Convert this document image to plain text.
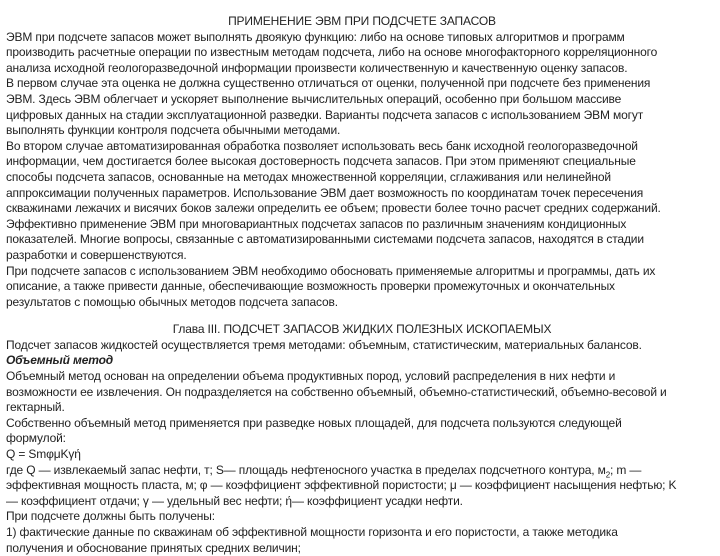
ПРИМЕНЕНИЕ ЭВМ ПРИ ПОДСЧЕТЕ ЗАПАСОВ
ЭВМ при подсчете запасов может выполнять двоякую функцию: либо на основе типовых алгоритмов и программ
производить расчетные операции по известным методам подсчета, либо на основе многофакторного корреляционного
анализа исходной геологоразведочной информации произвести количественную и качественную оценку запасов.
В первом случае эта оценка не должна существенно отличаться от оценки, полученной при подсчете без применения
ЭВМ. Здесь ЭВМ облегчает и ускоряет выполнение вычислительных операций, особенно при большом массиве
цифровых данных на стадии эксплуатационной разведки. Варианты подсчета запасов с использованием ЭВМ могут
выполнять функции контроля подсчета обычными методами.
Во втором случае автоматизированная обработка позволяет использовать весь банк исходной геологоразведочной
информации, чем достигается более высокая достоверность подсчета запасов. При этом применяют специальные
способы подсчета запасов, основанные на методах множественной корреляции, сглаживания или нелинейной
аппроксимации полученных параметров. Использование ЭВМ дает возможность по координатам точек пересечения
скважинами лежачих и висячих боков залежи определить ее объем; провести более точно расчет средних содержаний.
Эффективно применение ЭВМ при многовариантных подсчетах запасов по различным значениям кондиционных
показателей. Многие вопросы, связанные с автоматизированными системами подсчета запасов, находятся в стадии
разработки и совершенствуются.
При подсчете запасов с использованием ЭВМ необходимо обосновать применяемые алгоритмы и программы, дать их
описание, а также привести данные, обеспечивающие возможность проверки промежуточных и окончательных
результатов с помощью обычных методов подсчета запасов.
Глава III. ПОДСЧЕТ ЗАПАСОВ ЖИДКИХ ПОЛЕЗНЫХ ИСКОПАЕМЫХ
Подсчет запасов жидкостей осуществляется тремя методами: объемным, статистическим, материальных балансов.
Объемный метод
Объемный метод основан на определении объема продуктивных пород, условий распределения в них нефти и
возможности ее извлечения. Он подразделяется на собственно объемный, объемно-статистический, объемно-весовой и
гектарный.
Собственно объемный метод применяется при разведке новых площадей, для подсчета пользуются следующей
формулой:
Q = SmφμKγή
где Q — извлекаемый запас нефти, т; S— площадь нефтеносного участка в пределах подсчетного контура, $м_2$; m —
эффективная мощность пласта, м; φ — коэффициент эффективной пористости; μ — коэффициент насыщения нефтью; K
— коэффициент отдачи; γ — удельный вес нефти; ή— коэффициент усадки нефти.
При подсчете должны быть получены:
1) фактические данные по скважинам об эффективной мощности горизонта и его пористости, а также методика
получения и обоснование принятых средних величин;
